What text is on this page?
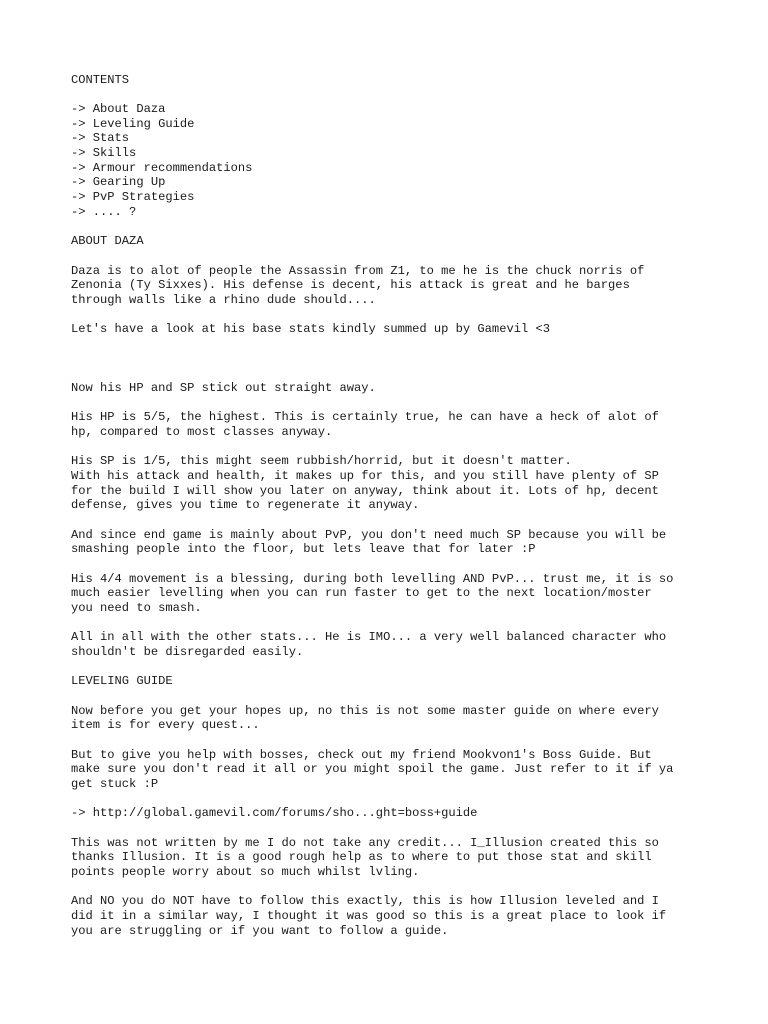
CONTENTS

-> About Daza

-> Leveling Guide

-> Stats

-> Skills

-> Armour recommendations

-> Gearing Up

-> PvP Strategies

-> .... ?

ABOUT DAZA

Daza is to alot of people the Assassin from Z1, to me he is the chuck norris of

Zenonia (Ty Sixxes). His defense is decent, his attack is great and he barges

through walls like a rhino dude should....

Let's have a look at his base stats kindly summed up by Gamevil <3

Now his HP and SP stick out straight away.

His HP is 5/5, the highest. This is certainly true, he can have a heck of alot of

hp, compared to most classes anyway.

His SP is 1/5, this might seem rubbish/horrid, but it doesn't matter.

With his attack and health, it makes up for this, and you still have plenty of SP

for the build I will show you later on anyway, think about it. Lots of hp, decent

defense, gives you time to regenerate it anyway.

And since end game is mainly about PvP, you don't need much SP because you will be

smashing people into the floor, but lets leave that for later :P

His 4/4 movement is a blessing, during both levelling AND PvP... trust me, it is so

much easier levelling when you can run faster to get to the next location/moster

you need to smash.

All in all with the other stats... He is IMO... a very well balanced character who

shouldn't be disregarded easily.

LEVELING GUIDE

Now before you get your hopes up, no this is not some master guide on where every

item is for every quest...

But to give you help with bosses, check out my friend Mookvon1's Boss Guide. But

make sure you don't read it all or you might spoil the game. Just refer to it if ya

get stuck :P

-> http://global.gamevil.com/forums/sho...ght=boss+guide

This was not written by me I do not take any credit... I_Illusion created this so

thanks Illusion. It is a good rough help as to where to put those stat and skill

points people worry about so much whilst lvling.

And NO you do NOT have to follow this exactly, this is how Illusion leveled and I

did it in a similar way, I thought it was good so this is a great place to look if

you are struggling or if you want to follow a guide.
